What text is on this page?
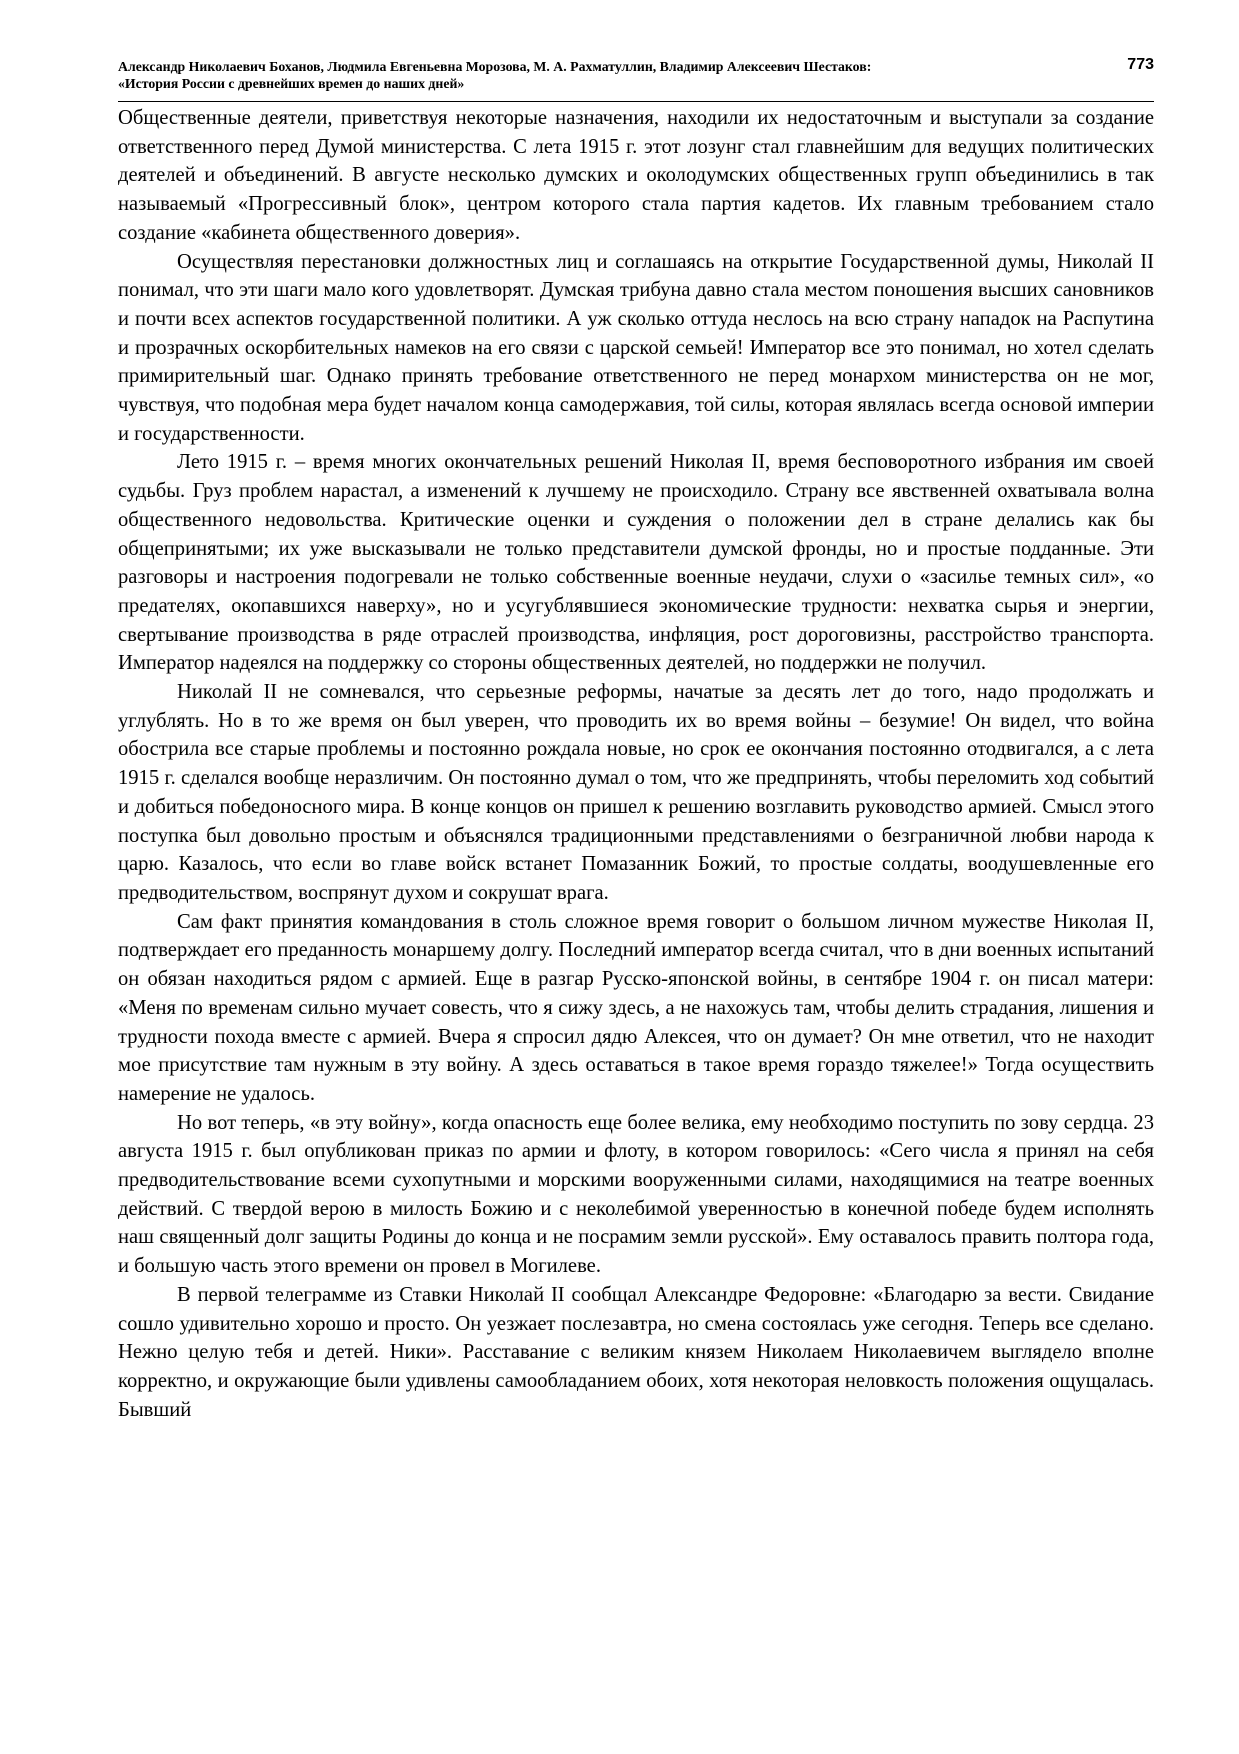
Александр Николаевич Боханов, Людмила Евгеньевна Морозова, М. А. Рахматуллин, Владимир Алексеевич Шестаков:
«История России с древнейших времен до наших дней»
773

Общественные деятели, приветствуя некоторые назначения, находили их недостаточным и выступали за создание ответственного перед Думой министерства. С лета 1915 г. этот лозунг стал главнейшим для ведущих политических деятелей и объединений. В августе несколько думских и околодумских общественных групп объединились в так называемый «Прогрессивный блок», центром которого стала партия кадетов. Их главным требованием стало создание «кабинета общественного доверия».

Осуществляя перестановки должностных лиц и соглашаясь на открытие Государственной думы, Николай II понимал, что эти шаги мало кого удовлетворят. Думская трибуна давно стала местом поношения высших сановников и почти всех аспектов государственной политики. А уж сколько оттуда неслось на всю страну нападок на Распутина и прозрачных оскорбительных намеков на его связи с царской семьей! Император все это понимал, но хотел сделать примирительный шаг. Однако принять требование ответственного не перед монархом министерства он не мог, чувствуя, что подобная мера будет началом конца самодержавия, той силы, которая являлась всегда основой империи и государственности.

Лето 1915 г. – время многих окончательных решений Николая II, время бесповоротного избрания им своей судьбы. Груз проблем нарастал, а изменений к лучшему не происходило. Страну все явственней охватывала волна общественного недовольства. Критические оценки и суждения о положении дел в стране делались как бы общепринятыми; их уже высказывали не только представители думской фронды, но и простые подданные. Эти разговоры и настроения подогревали не только собственные военные неудачи, слухи о «засилье темных сил», «о предателях, окопавшихся наверху», но и усугублявшиеся экономические трудности: нехватка сырья и энергии, свертывание производства в ряде отраслей производства, инфляция, рост дороговизны, расстройство транспорта. Император надеялся на поддержку со стороны общественных деятелей, но поддержки не получил.

Николай II не сомневался, что серьезные реформы, начатые за десять лет до того, надо продолжать и углублять. Но в то же время он был уверен, что проводить их во время войны – безумие! Он видел, что война обострила все старые проблемы и постоянно рождала новые, но срок ее окончания постоянно отодвигался, а с лета 1915 г. сделался вообще неразличим. Он постоянно думал о том, что же предпринять, чтобы переломить ход событий и добиться победоносного мира. В конце концов он пришел к решению возглавить руководство армией. Смысл этого поступка был довольно простым и объяснялся традиционными представлениями о безграничной любви народа к царю. Казалось, что если во главе войск встанет Помазанник Божий, то простые солдаты, воодушевленные его предводительством, воспрянут духом и сокрушат врага.

Сам факт принятия командования в столь сложное время говорит о большом личном мужестве Николая II, подтверждает его преданность монаршему долгу. Последний император всегда считал, что в дни военных испытаний он обязан находиться рядом с армией. Еще в разгар Русско-японской войны, в сентябре 1904 г. он писал матери: «Меня по временам сильно мучает совесть, что я сижу здесь, а не нахожусь там, чтобы делить страдания, лишения и трудности похода вместе с армией. Вчера я спросил дядю Алексея, что он думает? Он мне ответил, что не находит мое присутствие там нужным в эту войну. А здесь оставаться в такое время гораздо тяжелее!» Тогда осуществить намерение не удалось.

Но вот теперь, «в эту войну», когда опасность еще более велика, ему необходимо поступить по зову сердца. 23 августа 1915 г. был опубликован приказ по армии и флоту, в котором говорилось: «Сего числа я принял на себя предводительствование всеми сухопутными и морскими вооруженными силами, находящимися на театре военных действий. С твердой верою в милость Божию и с неколебимой уверенностью в конечной победе будем исполнять наш священный долг защиты Родины до конца и не посрамим земли русской». Ему оставалось править полтора года, и большую часть этого времени он провел в Могилеве.

В первой телеграмме из Ставки Николай II сообщал Александре Федоровне: «Благодарю за вести. Свидание сошло удивительно хорошо и просто. Он уезжает послезавтра, но смена состоялась уже сегодня. Теперь все сделано. Нежно целую тебя и детей. Ники». Расставание с великим князем Николаем Николаевичем выглядело вполне корректно, и окружающие были удивлены самообладанием обоих, хотя некоторая неловкость положения ощущалась. Бывший
